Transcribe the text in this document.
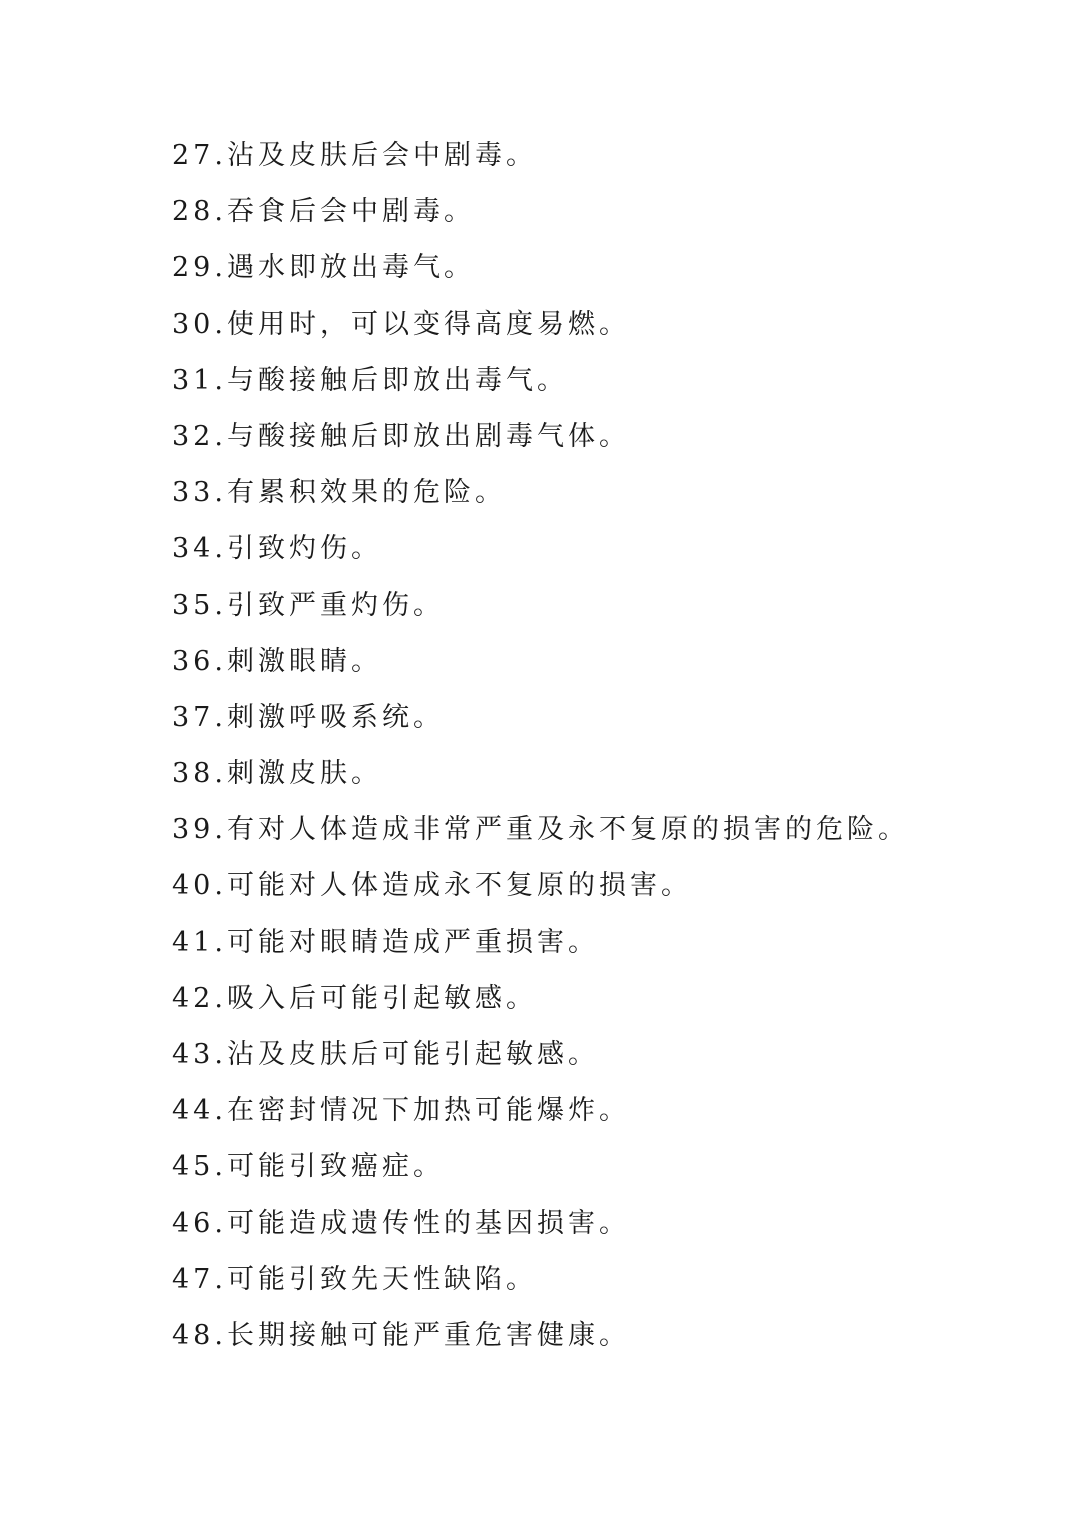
27.沾及皮肤后会中剧毒。
28.吞食后会中剧毒。
29.遇水即放出毒气。
30.使用时，可以变得高度易燃。
31.与酸接触后即放出毒气。
32.与酸接触后即放出剧毒气体。
33.有累积效果的危险。
34.引致灼伤。
35.引致严重灼伤。
36.刺激眼睛。
37.刺激呼吸系统。
38.刺激皮肤。
39.有对人体造成非常严重及永不复原的损害的危险。
40.可能对人体造成永不复原的损害。
41.可能对眼睛造成严重损害。
42.吸入后可能引起敏感。
43.沾及皮肤后可能引起敏感。
44.在密封情况下加热可能爆炸。
45.可能引致癌症。
46.可能造成遗传性的基因损害。
47.可能引致先天性缺陷。
48.长期接触可能严重危害健康。
